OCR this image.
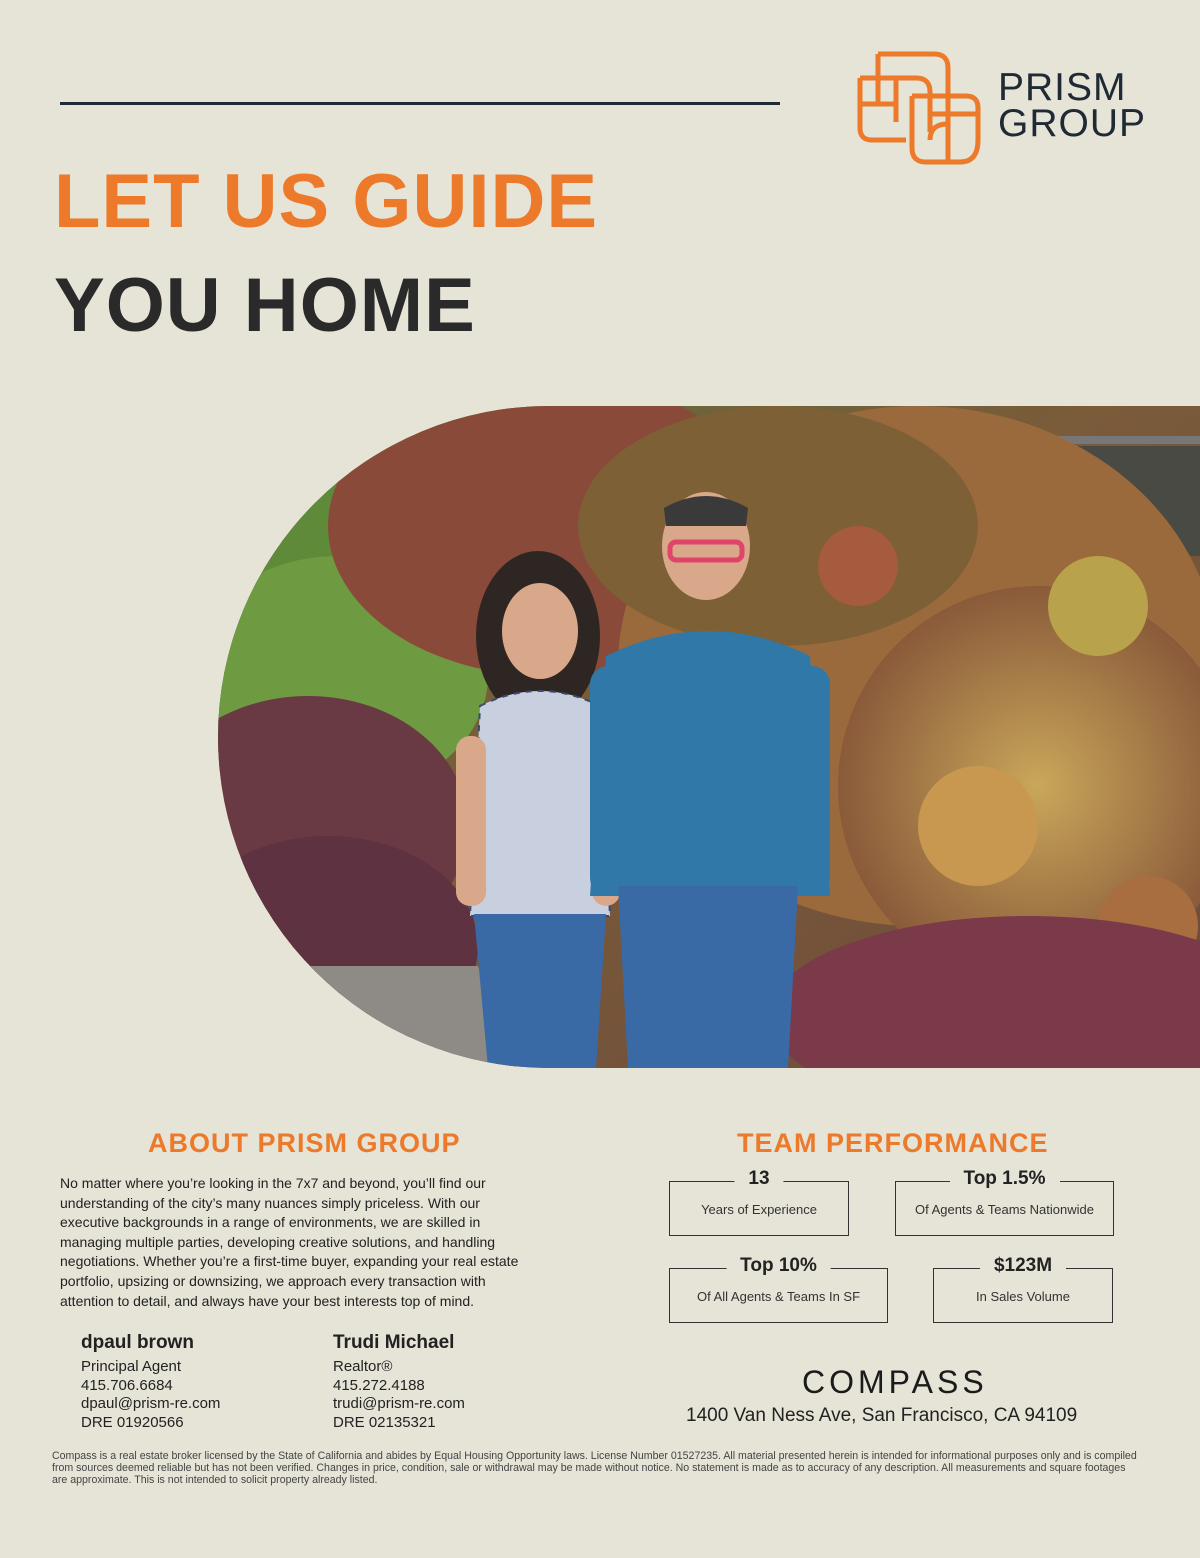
PRISM
GROUP
LET US GUIDE
YOU HOME
ABOUT PRISM GROUP
No matter where you’re looking in the 7x7 and beyond, you’ll find our understanding of the city’s many nuances simply priceless. With our executive backgrounds in a range of environments, we are skilled in managing multiple parties, developing creative solutions, and handling negotiations. Whether you’re a first-time buyer, expanding your real estate portfolio, upsizing or downsizing, we approach every transaction with attention to detail, and always have your best interests top of mind.
dpaul brown
Principal Agent
415.706.6684
dpaul@prism-re.com
DRE 01920566
Trudi Michael
Realtor®
415.272.4188
trudi@prism-re.com
DRE 02135321
TEAM PERFORMANCE
13
Years of Experience
Top 1.5%
Of Agents & Teams Nationwide
Top 10%
Of All Agents & Teams In SF
$123M
In Sales Volume
COMPASS
1400 Van Ness Ave, San Francisco, CA 94109
Compass is a real estate broker licensed by the State of California and abides by Equal Housing Opportunity laws. License Number 01527235. All material presented herein is intended for informational purposes only and is compiled from sources deemed reliable but has not been verified. Changes in price, condition, sale or withdrawal may be made without notice. No statement is made as to accuracy of any description. All measurements and square footages are approximate. This is not intended to solicit property already listed.
